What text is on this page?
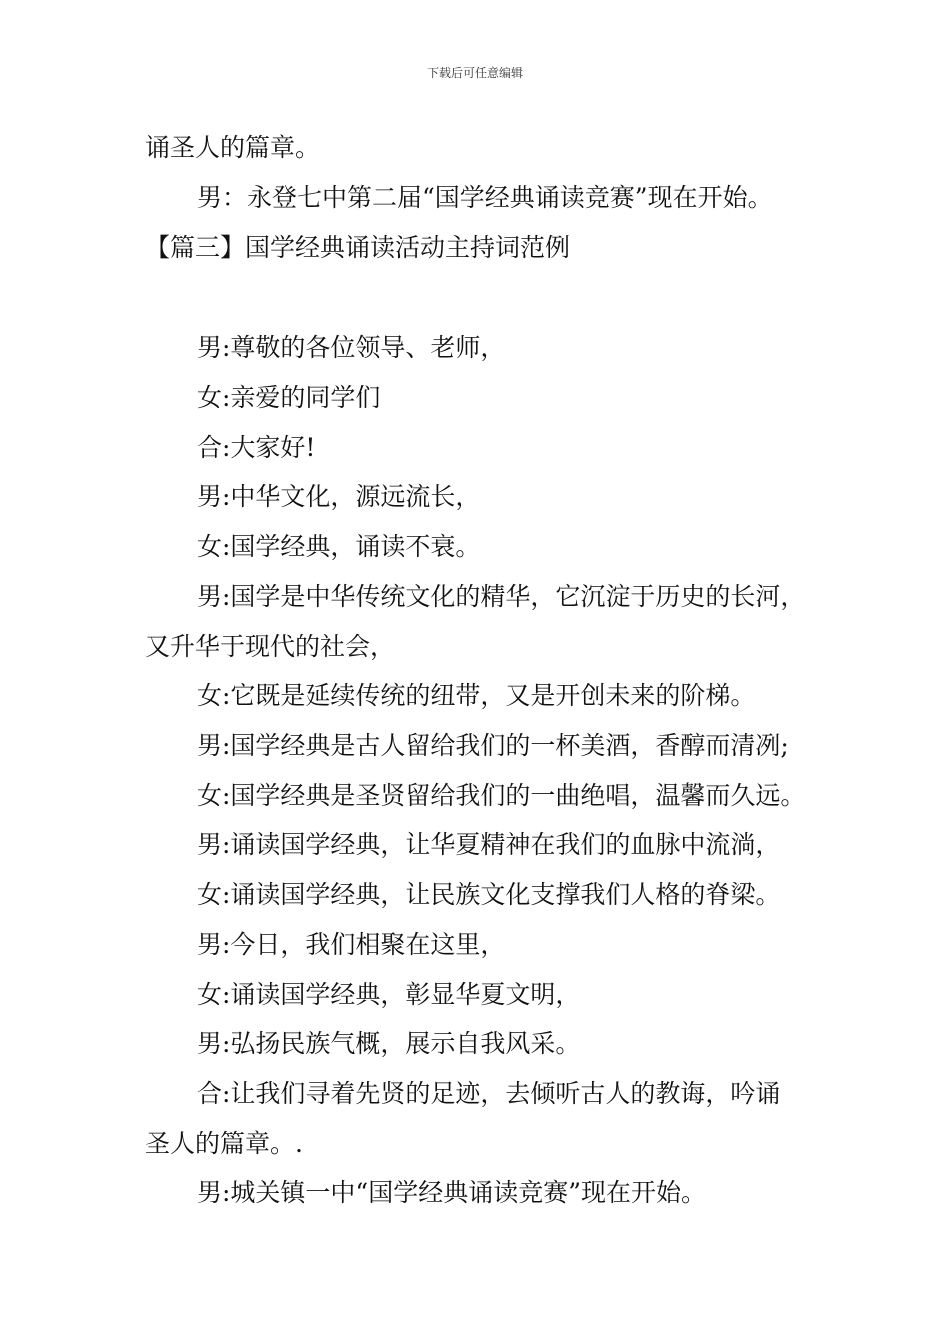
下载后可任意编辑
诵圣人的篇章。
男：永登七中第二届“国学经典诵读竞赛”现在开始。
【篇三】国学经典诵读活动主持词范例
男:尊敬的各位领导、老师，
女:亲爱的同学们
合:大家好!
男:中华文化，源远流长，
女:国学经典，诵读不衰。
男:国学是中华传统文化的精华，它沉淀于历史的长河，
又升华于现代的社会，
女:它既是延续传统的纽带，又是开创未来的阶梯。
男:国学经典是古人留给我们的一杯美酒，香醇而清冽;
女:国学经典是圣贤留给我们的一曲绝唱，温馨而久远。
男:诵读国学经典，让华夏精神在我们的血脉中流淌，
女:诵读国学经典，让民族文化支撑我们人格的脊梁。
男:今日，我们相聚在这里，
女:诵读国学经典，彰显华夏文明，
男:弘扬民族气概，展示自我风采。
合:让我们寻着先贤的足迹，去倾听古人的教诲，吟诵
圣人的篇章。.
男:城关镇一中“国学经典诵读竞赛”现在开始。
